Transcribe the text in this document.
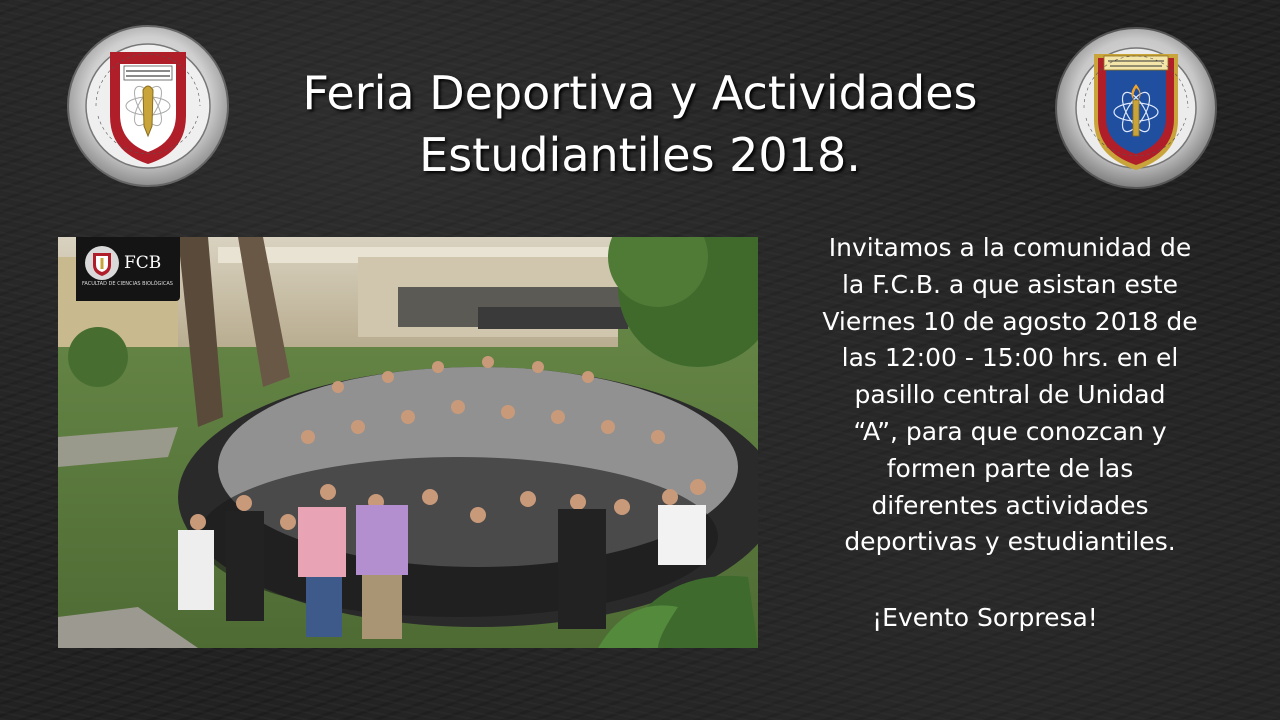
Feria Deportiva y Actividades
Estudiantiles 2018.
FCB
FACULTAD DE CIENCIAS BIOLÓGICAS
Invitamos a la comunidad de
la F.C.B. a que asistan este
Viernes 10 de agosto 2018 de
las 12:00 - 15:00 hrs. en el
pasillo central de Unidad
“A”, para que conozcan y
formen parte de las
diferentes actividades
deportivas y estudiantiles.
¡Evento Sorpresa!
